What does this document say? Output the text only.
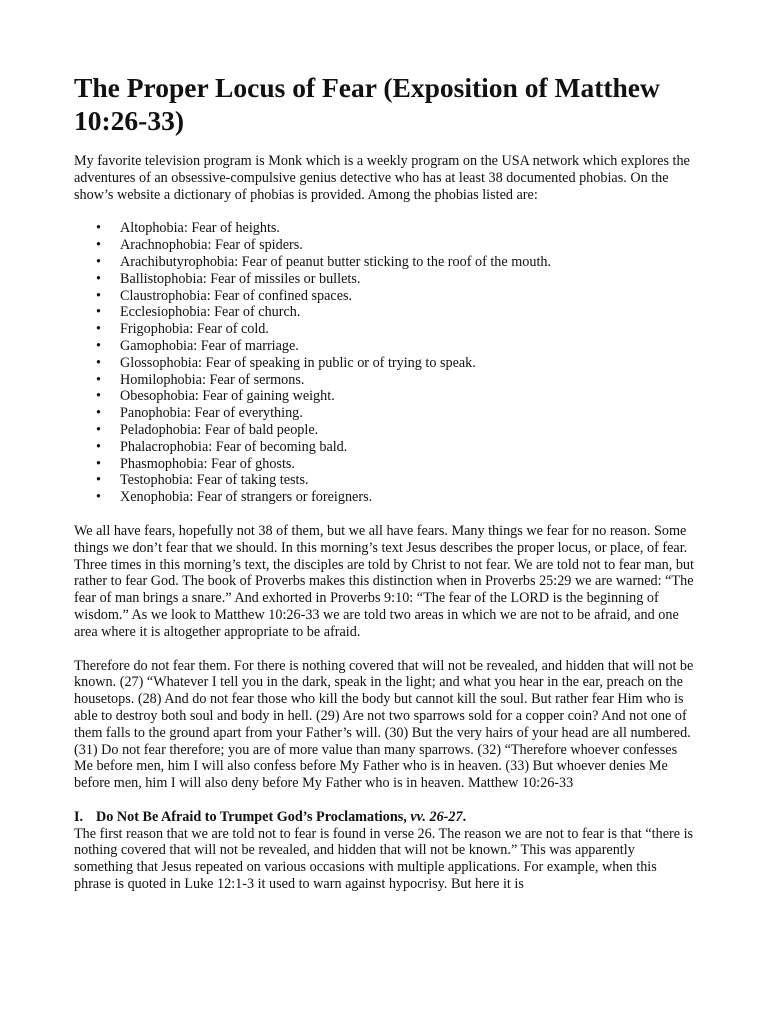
The Proper Locus of Fear (Exposition of Matthew 10:26-33)

My favorite television program is Monk which is a weekly program on the USA network which explores the adventures of an obsessive-compulsive genius detective who has at least 38 documented phobias. On the show’s website a dictionary of phobias is provided. Among the phobias listed are:

• Altophobia: Fear of heights.
• Arachnophobia: Fear of spiders.
• Arachibutyrophobia: Fear of peanut butter sticking to the roof of the mouth.
• Ballistophobia: Fear of missiles or bullets.
• Claustrophobia: Fear of confined spaces.
• Ecclesiophobia: Fear of church.
• Frigophobia: Fear of cold.
• Gamophobia: Fear of marriage.
• Glossophobia: Fear of speaking in public or of trying to speak.
• Homilophobia: Fear of sermons.
• Obesophobia: Fear of gaining weight.
• Panophobia: Fear of everything.
• Peladophobia: Fear of bald people.
• Phalacrophobia: Fear of becoming bald.
• Phasmophobia: Fear of ghosts.
• Testophobia: Fear of taking tests.
• Xenophobia: Fear of strangers or foreigners.

We all have fears, hopefully not 38 of them, but we all have fears. Many things we fear for no reason. Some things we don’t fear that we should. In this morning’s text Jesus describes the proper locus, or place, of fear. Three times in this morning’s text, the disciples are told by Christ to not fear. We are told not to fear man, but rather to fear God. The book of Proverbs makes this distinction when in Proverbs 25:29 we are warned: “The fear of man brings a snare.” And exhorted in Proverbs 9:10: “The fear of the LORD is the beginning of wisdom.” As we look to Matthew 10:26-33 we are told two areas in which we are not to be afraid, and one area where it is altogether appropriate to be afraid.

Therefore do not fear them. For there is nothing covered that will not be revealed, and hidden that will not be known. (27) “Whatever I tell you in the dark, speak in the light; and what you hear in the ear, preach on the housetops. (28) And do not fear those who kill the body but cannot kill the soul. But rather fear Him who is able to destroy both soul and body in hell. (29) Are not two sparrows sold for a copper coin? And not one of them falls to the ground apart from your Father’s will. (30) But the very hairs of your head are all numbered. (31) Do not fear therefore; you are of more value than many sparrows. (32) “Therefore whoever confesses Me before men, him I will also confess before My Father who is in heaven. (33) But whoever denies Me before men, him I will also deny before My Father who is in heaven. Matthew 10:26-33

I. Do Not Be Afraid to Trumpet God’s Proclamations, vv. 26-27.

The first reason that we are told not to fear is found in verse 26. The reason we are not to fear is that “there is nothing covered that will not be revealed, and hidden that will not be known.” This was apparently something that Jesus repeated on various occasions with multiple applications. For example, when this phrase is quoted in Luke 12:1-3 it used to warn against hypocrisy. But here it is
